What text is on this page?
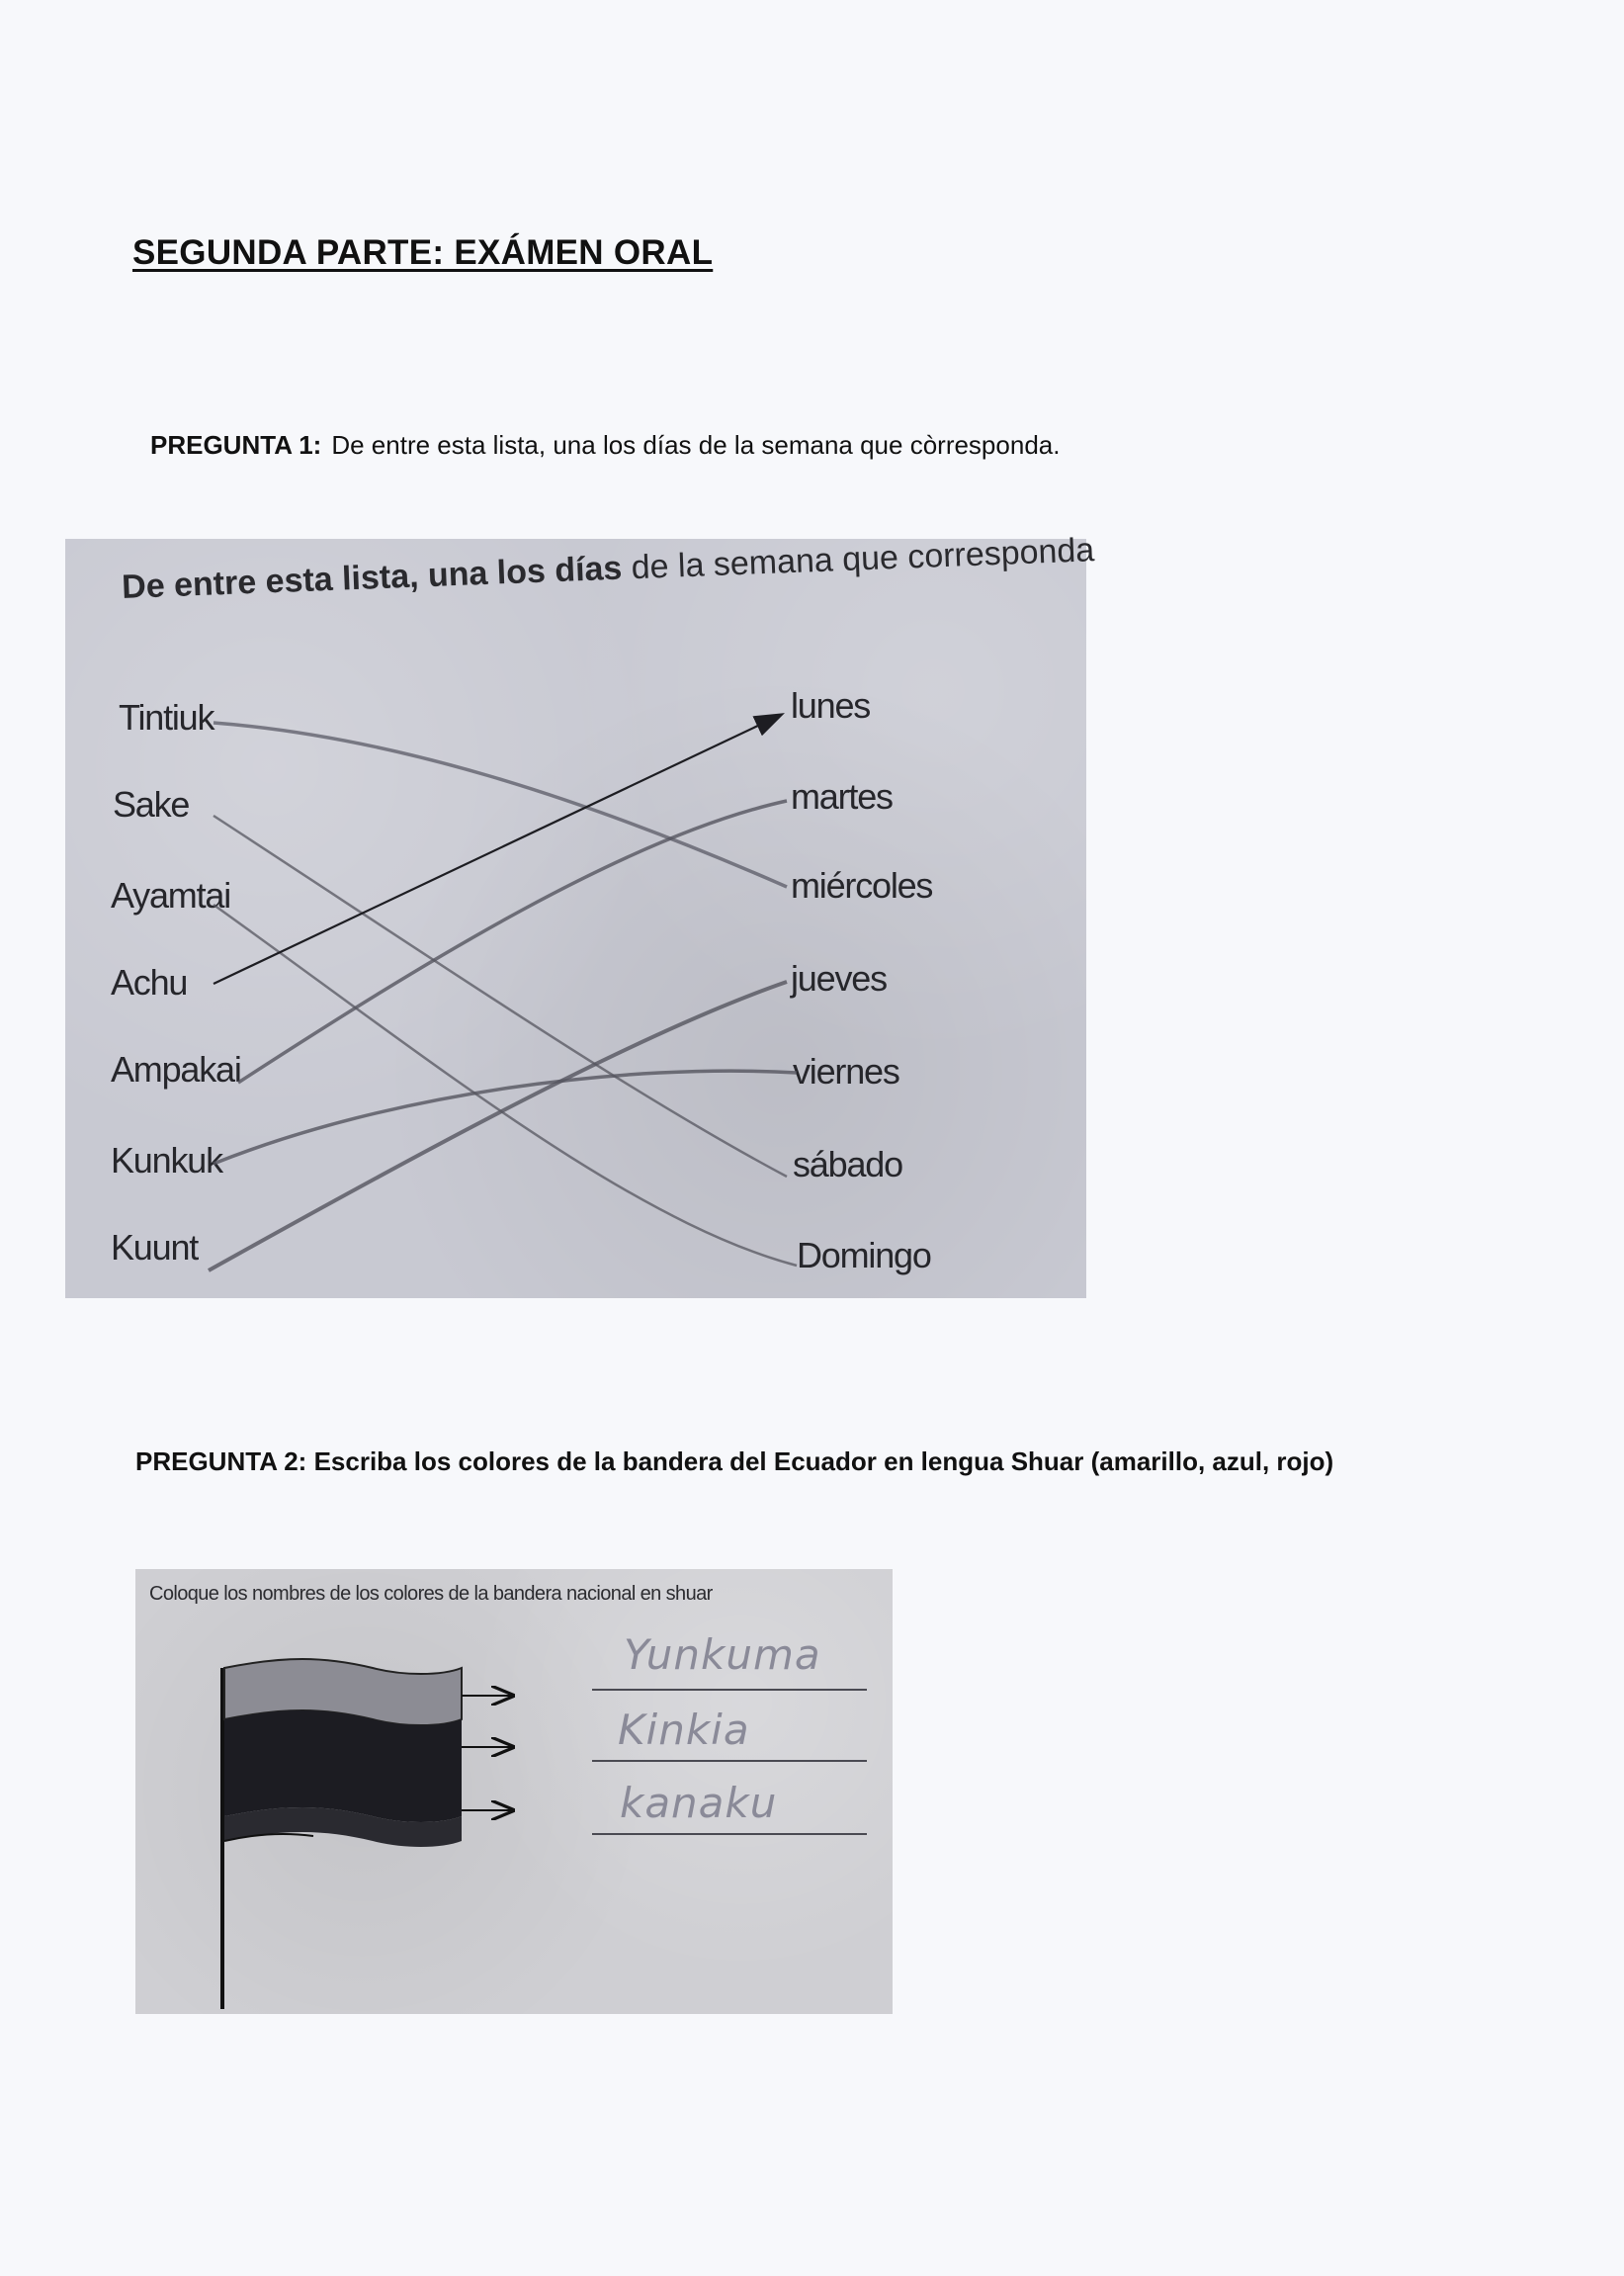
SEGUNDA PARTE: EXÁMEN ORAL
PREGUNTA 1: De entre esta lista, una los días de la semana que còrresponda.
De entre esta lista, una los días de la semana que corresponda
Tintiuk
Sake
Ayamtai
Achu
Ampakai
Kunkuk
Kuunt
lunes
martes
miércoles
jueves
viernes
sábado
Domingo
PREGUNTA 2: Escriba los colores de la bandera del Ecuador en lengua Shuar (amarillo, azul, rojo)
Coloque los nombres de los colores de la bandera nacional en shuar
Yunkuma
Kinkia
kanaku
